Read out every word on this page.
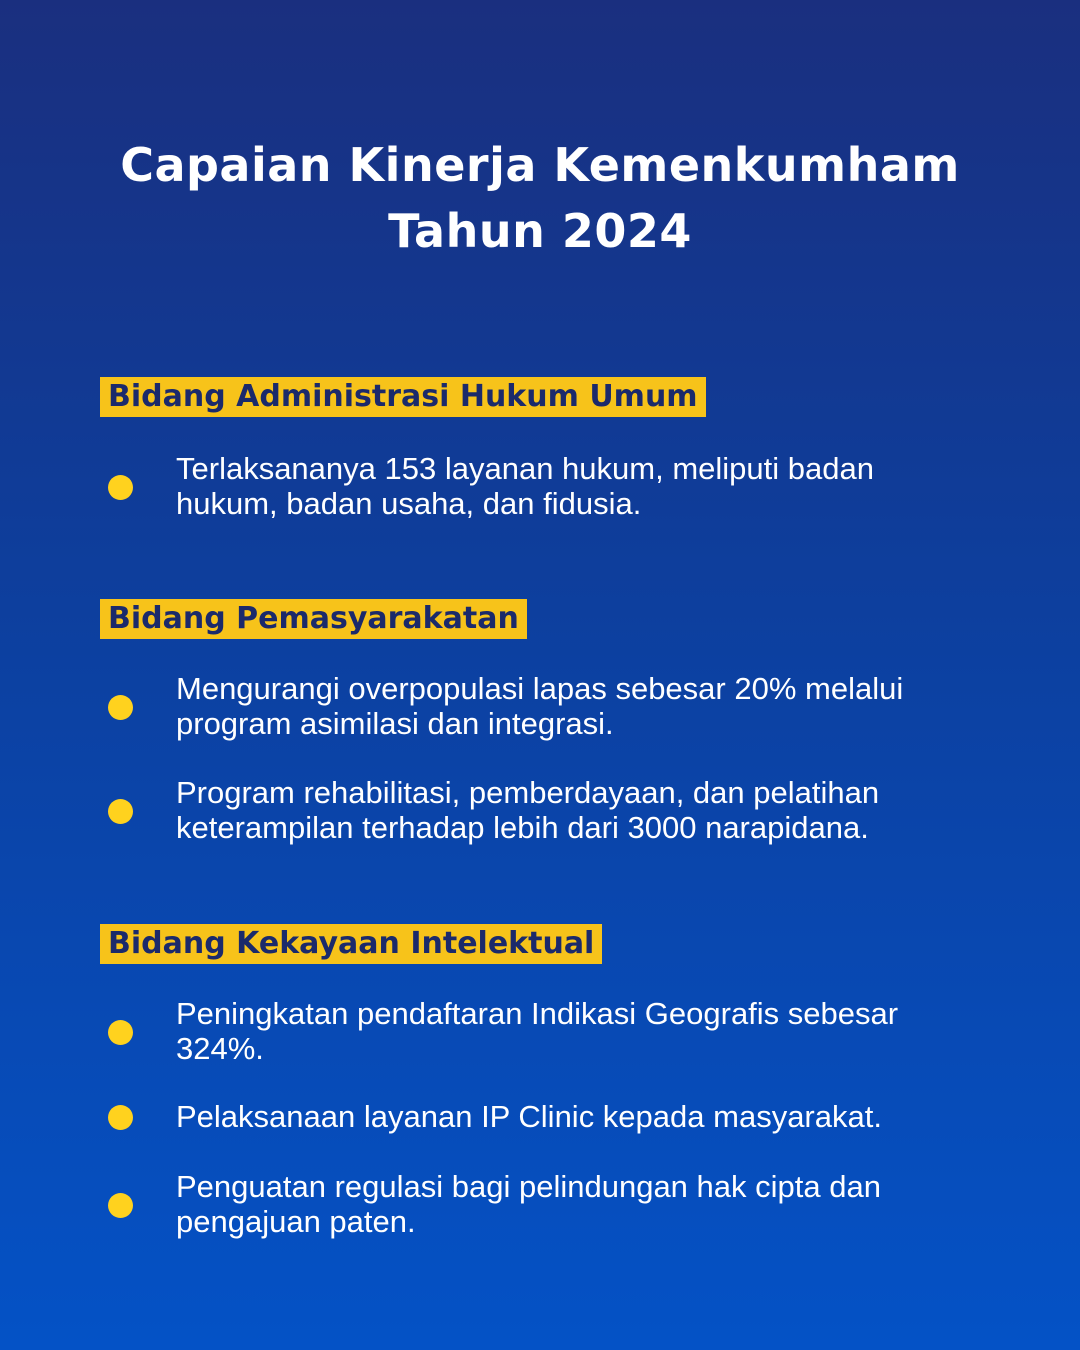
Capaian Kinerja Kemenkumham
Tahun 2024
Bidang Administrasi Hukum Umum
Terlaksananya 153 layanan hukum, meliputi badan
hukum, badan usaha, dan fidusia.
Bidang Pemasyarakatan
Mengurangi overpopulasi lapas sebesar 20% melalui
program asimilasi dan integrasi.
Program rehabilitasi, pemberdayaan, dan pelatihan
keterampilan terhadap lebih dari 3000 narapidana.
Bidang Kekayaan Intelektual
Peningkatan pendaftaran Indikasi Geografis sebesar
324%.
Pelaksanaan layanan IP Clinic kepada masyarakat.
Penguatan regulasi bagi pelindungan hak cipta dan
pengajuan paten.
